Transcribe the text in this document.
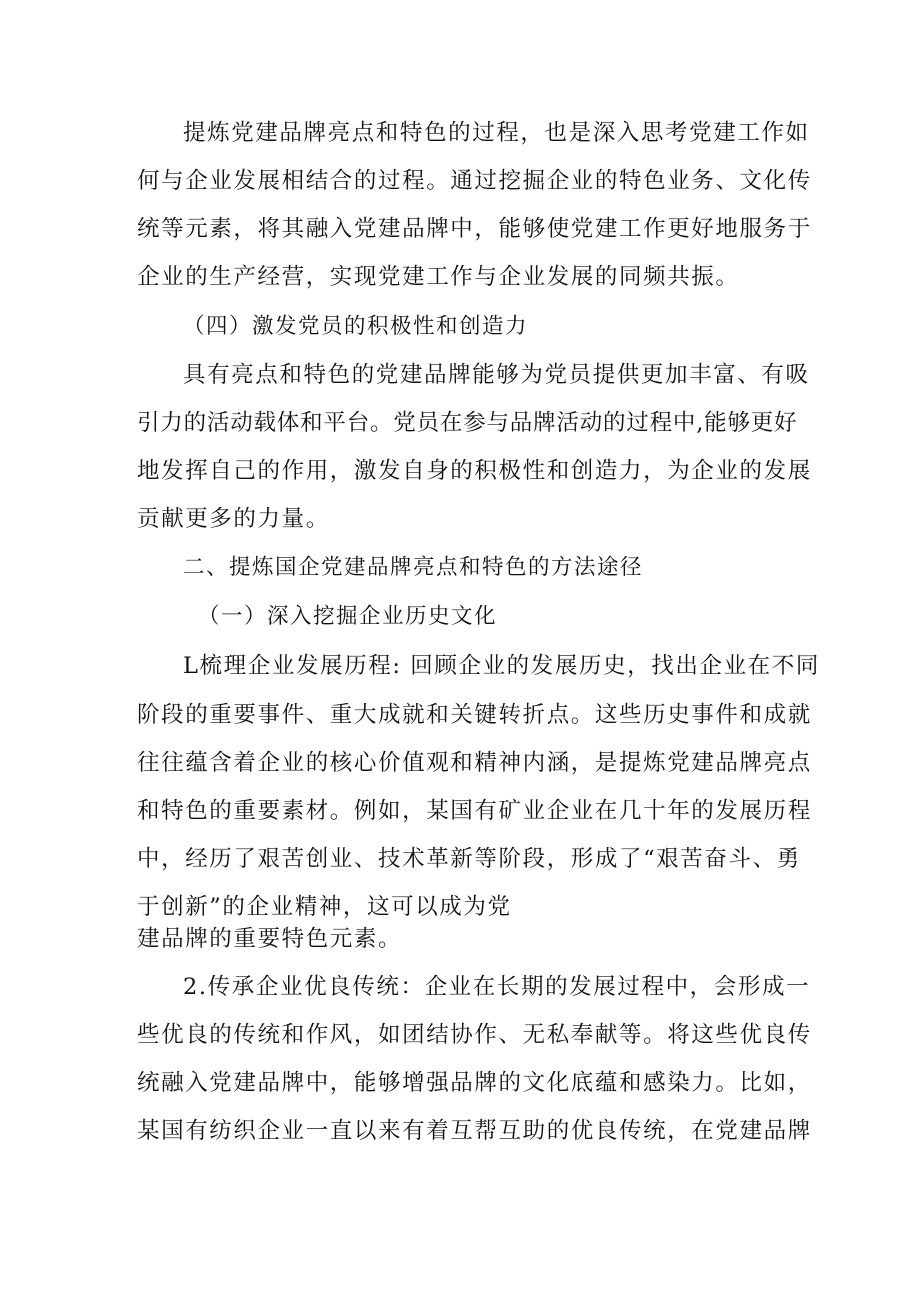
提炼党建品牌亮点和特色的过程，也是深入思考党建工作如
何与企业发展相结合的过程。通过挖掘企业的特色业务、文化传
统等元素，将其融入党建品牌中，能够使党建工作更好地服务于
企业的生产经营，实现党建工作与企业发展的同频共振。
（四）激发党员的积极性和创造力
具有亮点和特色的党建品牌能够为党员提供更加丰富、有吸
引力的活动载体和平台。党员在参与品牌活动的过程中,能够更好
地发挥自己的作用，激发自身的积极性和创造力，为企业的发展
贡献更多的力量。
二、提炼国企党建品牌亮点和特色的方法途径
（一）深入挖掘企业历史文化
L梳理企业发展历程: 回顾企业的发展历史，找出企业在不同
阶段的重要事件、重大成就和关键转折点。这些历史事件和成就
往往蕴含着企业的核心价值观和精神内涵，是提炼党建品牌亮点
和特色的重要素材。例如，某国有矿业企业在几十年的发展历程
中，经历了艰苦创业、技术革新等阶段，形成了“艰苦奋斗、勇
于创新”的企业精神，这可以成为党
建品牌的重要特色元素。
2.传承企业优良传统：企业在长期的发展过程中，会形成一
些优良的传统和作风，如团结协作、无私奉献等。将这些优良传
统融入党建品牌中，能够增强品牌的文化底蕴和感染力。比如，
某国有纺织企业一直以来有着互帮互助的优良传统，在党建品牌
